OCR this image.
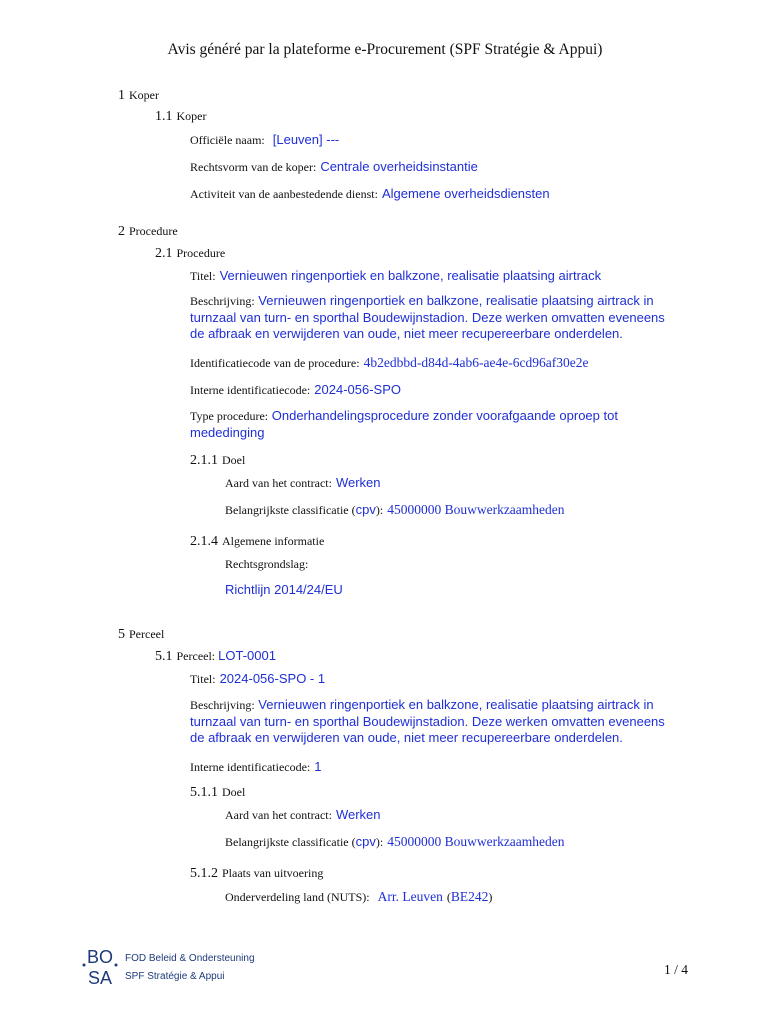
Avis généré par la plateforme e-Procurement (SPF Stratégie & Appui)
1 Koper
1.1 Koper
Officiële naam: [Leuven] ---
Rechtsvorm van de koper: Centrale overheidsinstantie
Activiteit van de aanbestedende dienst: Algemene overheidsdiensten
2 Procedure
2.1 Procedure
Titel: Vernieuwen ringenportiek en balkzone, realisatie plaatsing airtrack
Beschrijving: Vernieuwen ringenportiek en balkzone, realisatie plaatsing airtrack in turnzaal van turn- en sporthal Boudewijnstadion. Deze werken omvatten eveneens de afbraak en verwijderen van oude, niet meer recupereerbare onderdelen.
Identificatiecode van de procedure: 4b2edbbd-d84d-4ab6-ae4e-6cd96af30e2e
Interne identificatiecode: 2024-056-SPO
Type procedure: Onderhandelingsprocedure zonder voorafgaande oproep tot mededinging
2.1.1 Doel
Aard van het contract: Werken
Belangrijkste classificatie (cpv): 45000000 Bouwwerkzaamheden
2.1.4 Algemene informatie
Rechtsgrondslag:
Richtlijn 2014/24/EU
5 Perceel
5.1 Perceel: LOT-0001
Titel: 2024-056-SPO - 1
Beschrijving: Vernieuwen ringenportiek en balkzone, realisatie plaatsing airtrack in turnzaal van turn- en sporthal Boudewijnstadion. Deze werken omvatten eveneens de afbraak en verwijderen van oude, niet meer recupereerbare onderdelen.
Interne identificatiecode: 1
5.1.1 Doel
Aard van het contract: Werken
Belangrijkste classificatie (cpv): 45000000 Bouwwerkzaamheden
5.1.2 Plaats van uitvoering
Onderverdeling land (NUTS): Arr. Leuven (BE242)
BO
SA
FOD Beleid & Ondersteuning
SPF Stratégie & Appui	1 / 4
